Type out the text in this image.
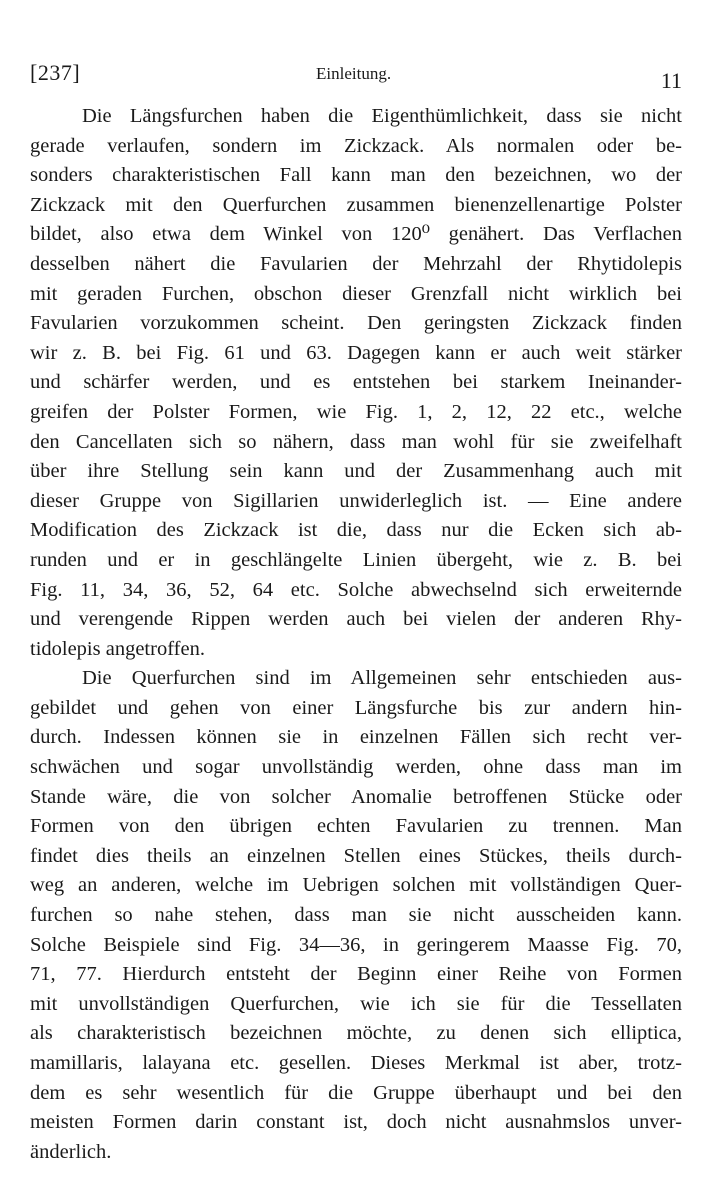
[237]	Einleitung.	11
Die Längsfurchen haben die Eigenthümlichkeit, dass sie nicht
gerade verlaufen, sondern im Zickzack. Als normalen oder be-
sonders charakteristischen Fall kann man den bezeichnen, wo der
Zickzack mit den Querfurchen zusammen bienenzellenartige Polster
bildet, also etwa dem Winkel von 120⁰ genähert. Das Verflachen
desselben nähert die Favularien der Mehrzahl der Rhytidolepis
mit geraden Furchen, obschon dieser Grenzfall nicht wirklich bei
Favularien vorzukommen scheint. Den geringsten Zickzack finden
wir z. B. bei Fig. 61 und 63. Dagegen kann er auch weit stärker
und schärfer werden, und es entstehen bei starkem Ineinander-
greifen der Polster Formen, wie Fig. 1, 2, 12, 22 etc., welche
den Cancellaten sich so nähern, dass man wohl für sie zweifelhaft
über ihre Stellung sein kann und der Zusammenhang auch mit
dieser Gruppe von Sigillarien unwiderleglich ist. — Eine andere
Modification des Zickzack ist die, dass nur die Ecken sich ab-
runden und er in geschlängelte Linien übergeht, wie z. B. bei
Fig. 11, 34, 36, 52, 64 etc. Solche abwechselnd sich erweiternde
und verengende Rippen werden auch bei vielen der anderen Rhy-
tidolepis angetroffen.
Die Querfurchen sind im Allgemeinen sehr entschieden aus-
gebildet und gehen von einer Längsfurche bis zur andern hin-
durch. Indessen können sie in einzelnen Fällen sich recht ver-
schwächen und sogar unvollständig werden, ohne dass man im
Stande wäre, die von solcher Anomalie betroffenen Stücke oder
Formen von den übrigen echten Favularien zu trennen. Man
findet dies theils an einzelnen Stellen eines Stückes, theils durch-
weg an anderen, welche im Uebrigen solchen mit vollständigen Quer-
furchen so nahe stehen, dass man sie nicht ausscheiden kann.
Solche Beispiele sind Fig. 34—36, in geringerem Maasse Fig. 70,
71, 77. Hierdurch entsteht der Beginn einer Reihe von Formen
mit unvollständigen Querfurchen, wie ich sie für die Tessellaten
als charakteristisch bezeichnen möchte, zu denen sich elliptica,
mamillaris, lalayana etc. gesellen. Dieses Merkmal ist aber, trotz-
dem es sehr wesentlich für die Gruppe überhaupt und bei den
meisten Formen darin constant ist, doch nicht ausnahmslos unver-
änderlich.
